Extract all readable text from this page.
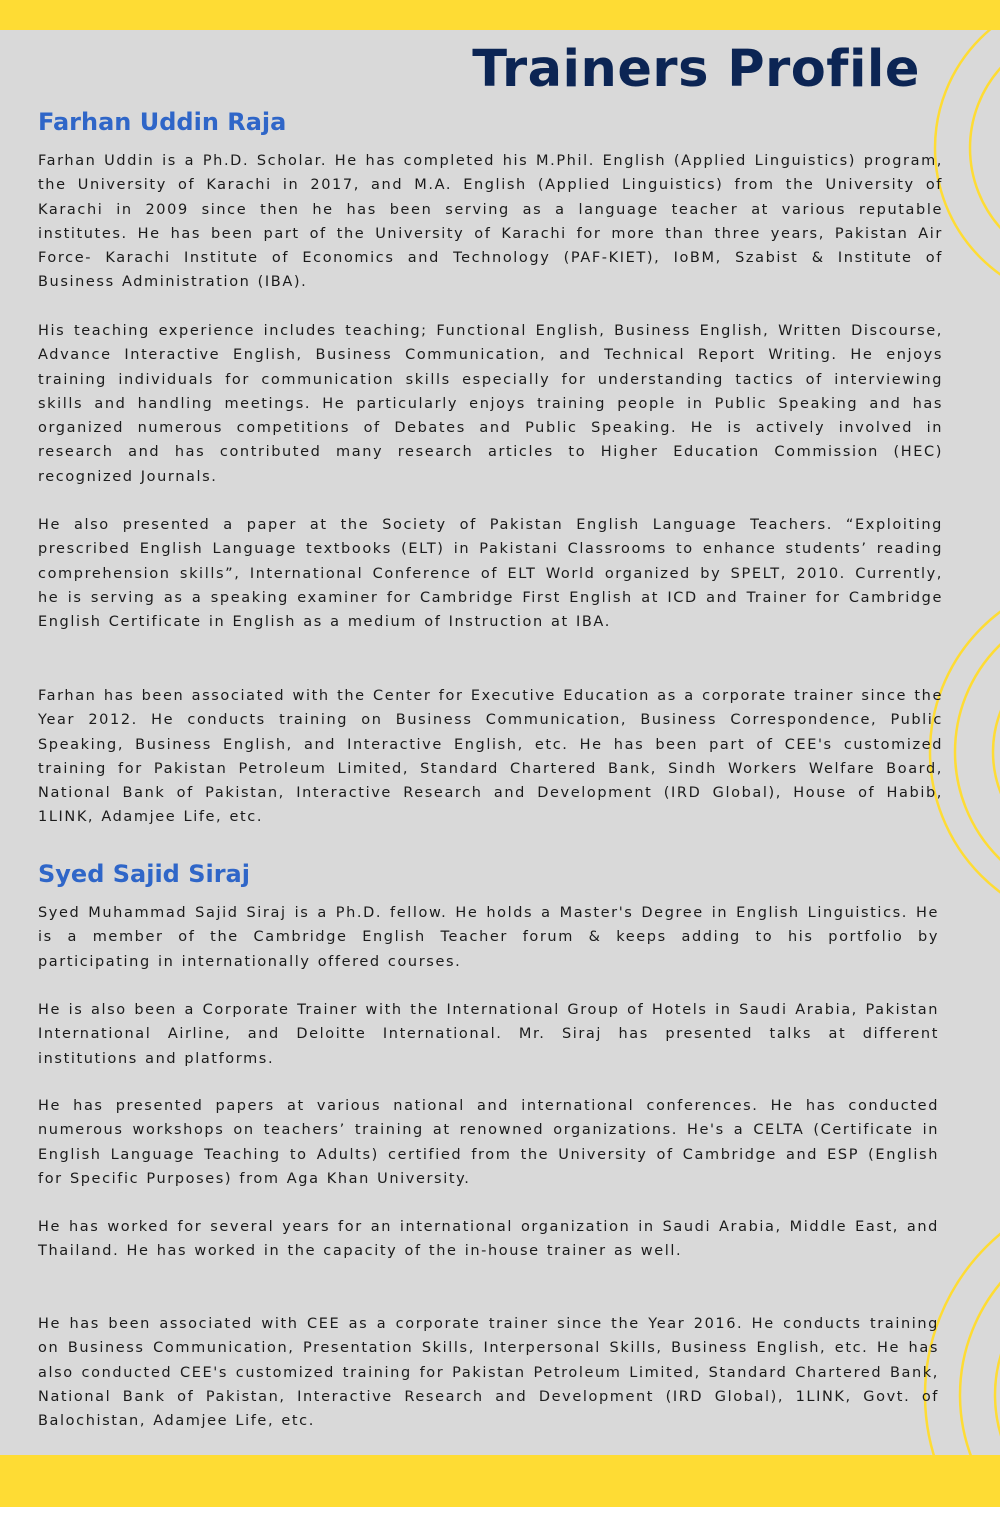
Trainers Profile
Farhan Uddin Raja

Farhan Uddin is a Ph.D. Scholar. He has completed his M.Phil. English (Applied Linguistics) program, the University of Karachi in 2017, and M.A. English (Applied Linguistics) from the University of Karachi in 2009 since then he has been serving as a language teacher at various reputable institutes. He has been part of the University of Karachi for more than three years, Pakistan Air Force- Karachi Institute of Economics and Technology (PAF-KIET), IoBM, Szabist & Institute of Business Administration (IBA).

His teaching experience includes teaching; Functional English, Business English, Written Discourse, Advance Interactive English, Business Communication, and Technical Report Writing. He enjoys training individuals for communication skills especially for understanding tactics of interviewing skills and handling meetings. He particularly enjoys training people in Public Speaking and has organized numerous competitions of Debates and Public Speaking. He is actively involved in research and has contributed many research articles to Higher Education Commission (HEC) recognized Journals.

He also presented a paper at the Society of Pakistan English Language Teachers. “Exploiting prescribed English Language textbooks (ELT) in Pakistani Classrooms to enhance students’ reading comprehension skills”, International Conference of ELT World organized by SPELT, 2010. Currently, he is serving as a speaking examiner for Cambridge First English at ICD and Trainer for Cambridge English Certificate in English as a medium of Instruction at IBA.

Farhan has been associated with the Center for Executive Education as a corporate trainer since the Year 2012. He conducts training on Business Communication, Business Correspondence, Public Speaking, Business English, and Interactive English, etc. He has been part of CEE's customized training for Pakistan Petroleum Limited, Standard Chartered Bank, Sindh Workers Welfare Board, National Bank of Pakistan, Interactive Research and Development (IRD Global), House of Habib, 1LINK, Adamjee Life, etc.

Syed Sajid Siraj

Syed Muhammad Sajid Siraj is a Ph.D. fellow. He holds a Master's Degree in English Linguistics. He is a member of the Cambridge English Teacher forum & keeps adding to his portfolio by participating in internationally offered courses.

He is also been a Corporate Trainer with the International Group of Hotels in Saudi Arabia, Pakistan International Airline, and Deloitte International. Mr. Siraj has presented talks at different institutions and platforms.

He has presented papers at various national and international conferences. He has conducted numerous workshops on teachers’ training at renowned organizations. He's a CELTA (Certificate in English Language Teaching to Adults) certified from the University of Cambridge and ESP (English for Specific Purposes) from Aga Khan University.

He has worked for several years for an international organization in Saudi Arabia, Middle East, and Thailand. He has worked in the capacity of the in-house trainer as well.

He has been associated with CEE as a corporate trainer since the Year 2016. He conducts training on Business Communication, Presentation Skills, Interpersonal Skills, Business English, etc. He has also conducted CEE's customized training for Pakistan Petroleum Limited, Standard Chartered Bank, National Bank of Pakistan, Interactive Research and Development (IRD Global), 1LINK, Govt. of Balochistan, Adamjee Life, etc.
